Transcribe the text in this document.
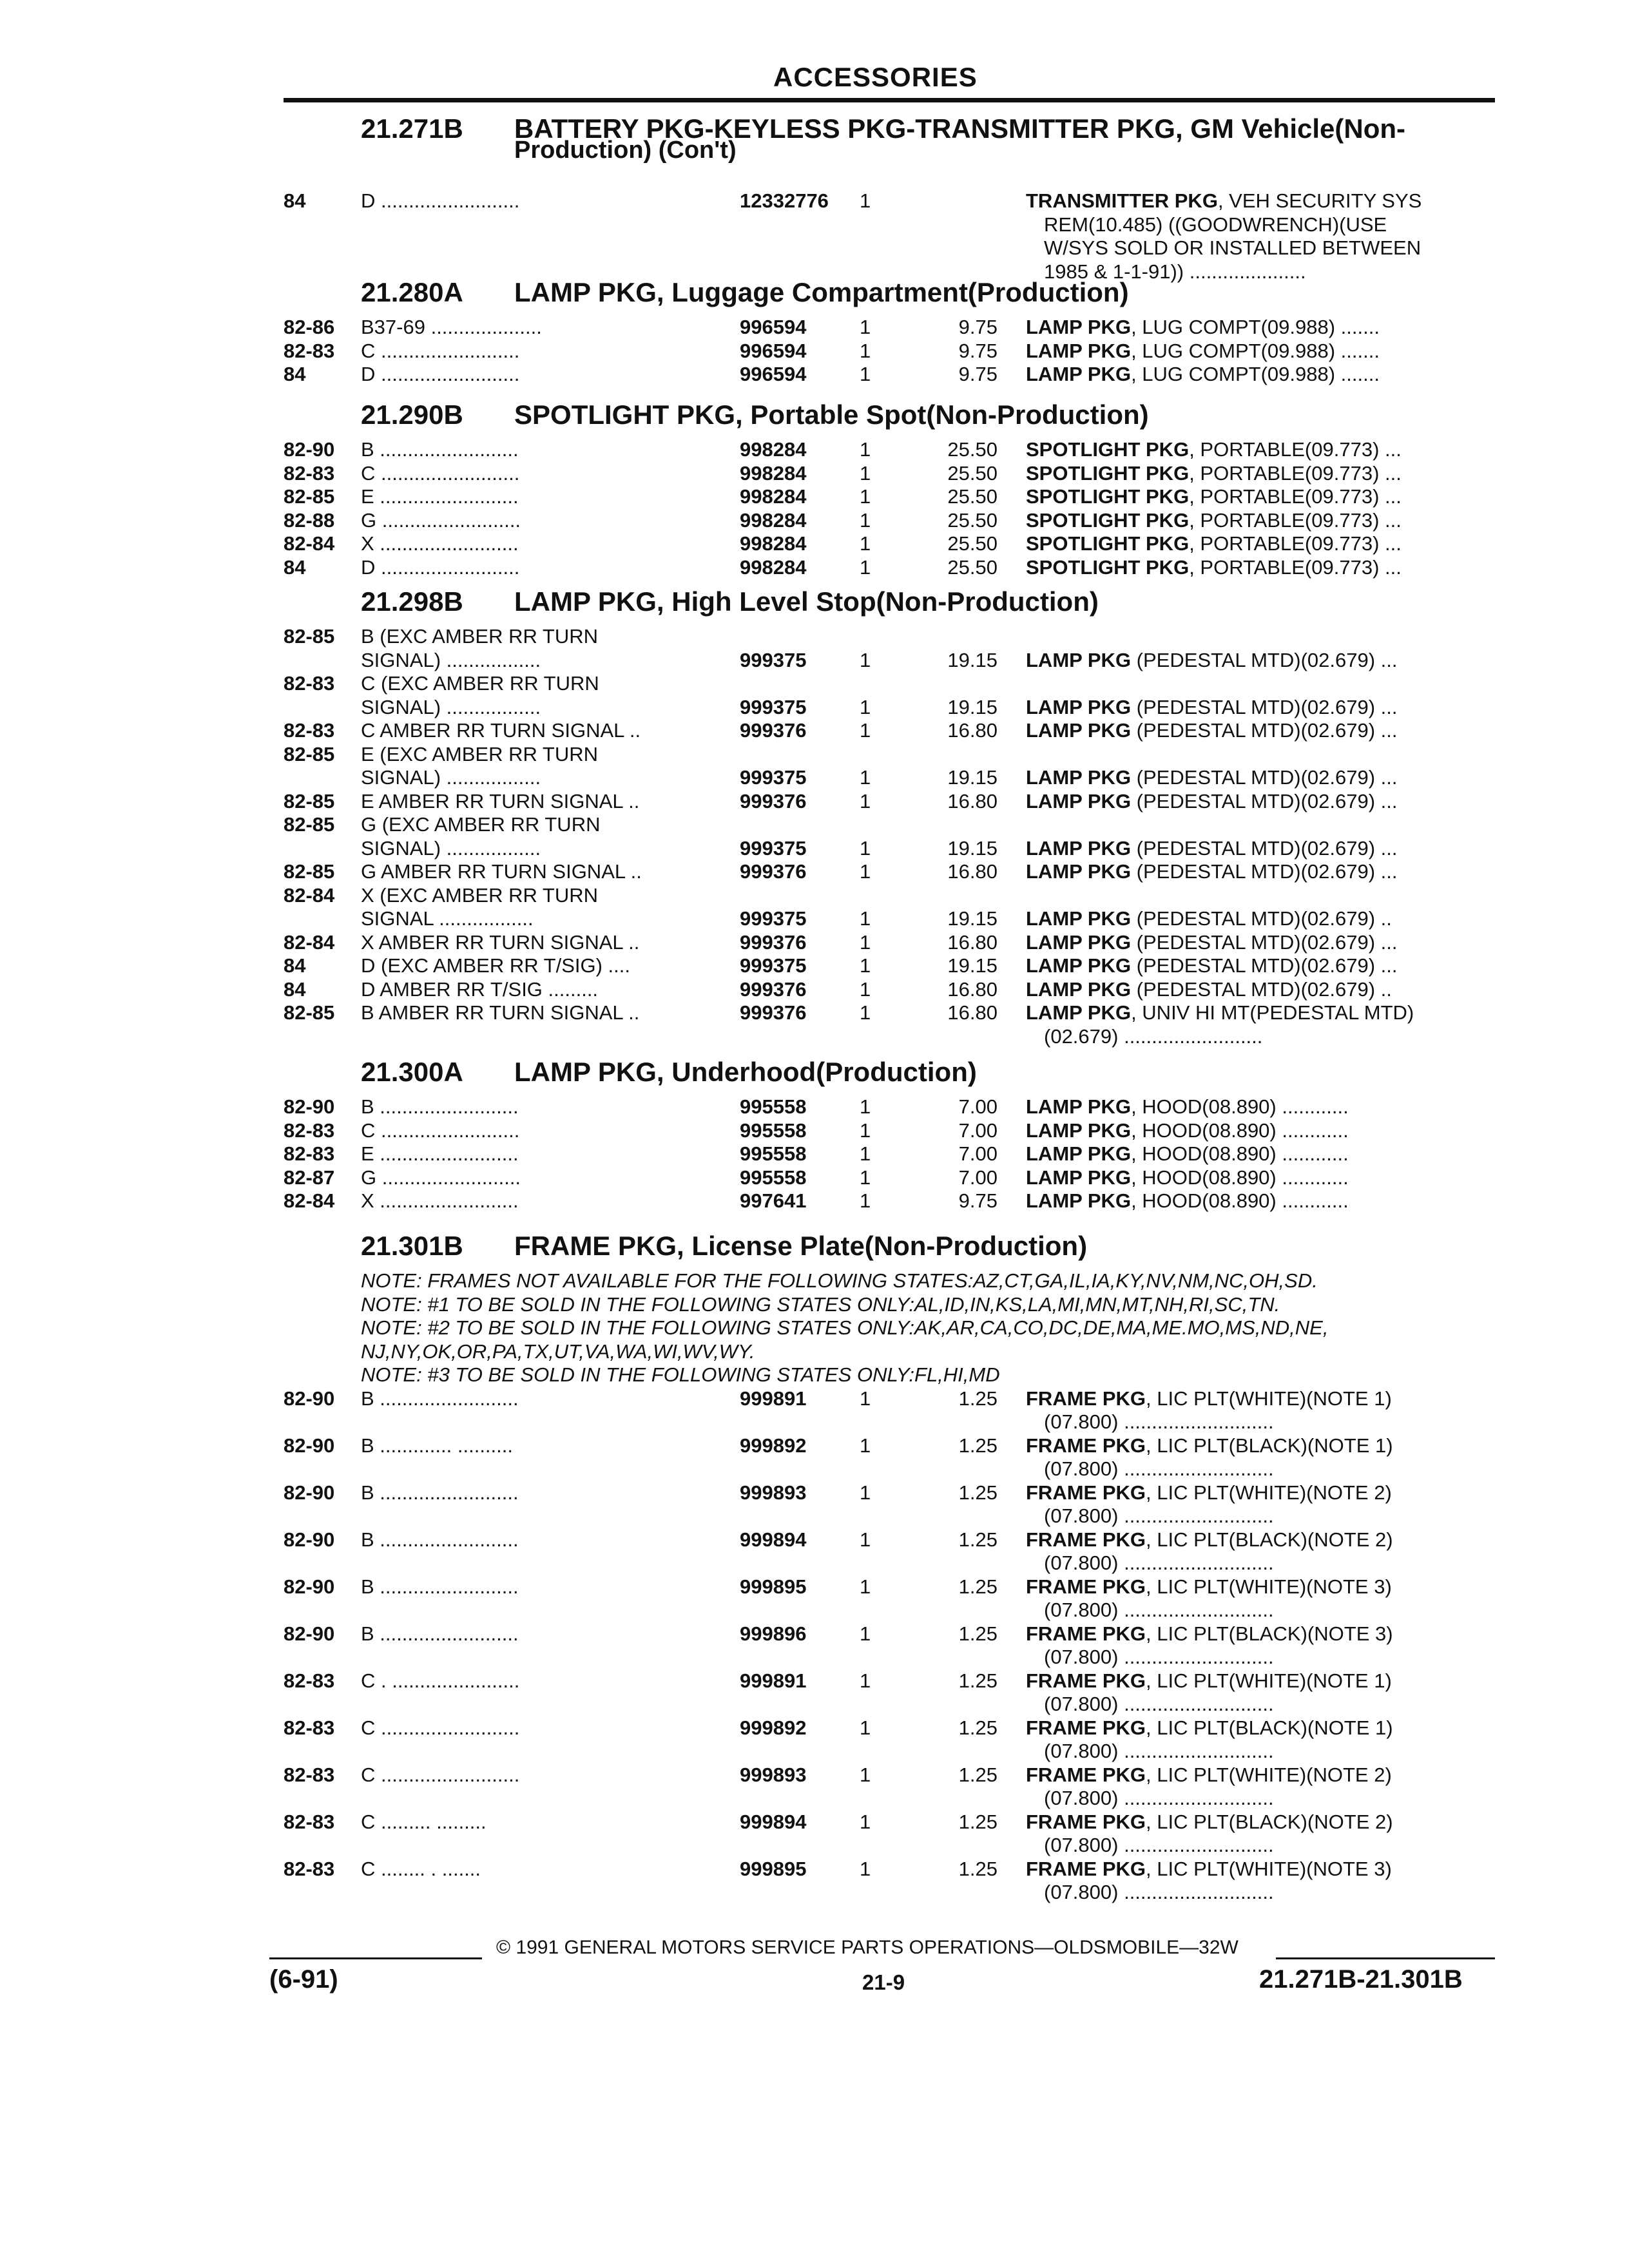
ACCESSORIES
21.271B BATTERY PKG-KEYLESS PKG-TRANSMITTER PKG, GM Vehicle(Non-
Production) (Con't)
84	D .........................	12332776 1	TRANSMITTER PKG, VEH SECURITY SYS
REM(10.485) ((GOODWRENCH)(USE
W/SYS SOLD OR INSTALLED BETWEEN
1985 & 1-1-91)) .....................
21.280A LAMP PKG, Luggage Compartment(Production)
82-86 B37-69 ....................	996594	1	9.75 LAMP PKG, LUG COMPT(09.988) .......
82-83 C .........................	996594	1	9.75 LAMP PKG, LUG COMPT(09.988) .......
84	D .........................	996594	1	9.75 LAMP PKG, LUG COMPT(09.988) .......
21.290B SPOTLIGHT PKG, Portable Spot(Non-Production)
82-90 B .........................	998284	1	25.50 SPOTLIGHT PKG, PORTABLE(09.773) ...
82-83 C .........................	998284	1	25.50 SPOTLIGHT PKG, PORTABLE(09.773) ...
82-85 E .........................	998284	1	25.50 SPOTLIGHT PKG, PORTABLE(09.773) ...
82-88 G .........................	998284	1	25.50 SPOTLIGHT PKG, PORTABLE(09.773) ...
82-84 X .........................	998284	1	25.50 SPOTLIGHT PKG, PORTABLE(09.773) ...
84	D .........................	998284	1	25.50 SPOTLIGHT PKG, PORTABLE(09.773) ...
21.298B LAMP PKG, High Level Stop(Non-Production)
82-85 B (EXC AMBER RR TURN
SIGNAL) .................	999375	1	19.15 LAMP PKG (PEDESTAL MTD)(02.679) ...
82-83 C (EXC AMBER RR TURN
SIGNAL) .................	999375	1	19.15 LAMP PKG (PEDESTAL MTD)(02.679) ...
82-83 C AMBER RR TURN SIGNAL ..	999376	1	16.80 LAMP PKG (PEDESTAL MTD)(02.679) ...
82-85 E (EXC AMBER RR TURN
SIGNAL) .................	999375	1	19.15 LAMP PKG (PEDESTAL MTD)(02.679) ...
82-85 E AMBER RR TURN SIGNAL ..	999376	1	16.80 LAMP PKG (PEDESTAL MTD)(02.679) ...
82-85 G (EXC AMBER RR TURN
SIGNAL) .................	999375	1	19.15 LAMP PKG (PEDESTAL MTD)(02.679) ...
82-85 G AMBER RR TURN SIGNAL ..	999376	1	16.80 LAMP PKG (PEDESTAL MTD)(02.679) ...
82-84 X (EXC AMBER RR TURN
SIGNAL .................	999375	1	19.15 LAMP PKG (PEDESTAL MTD)(02.679) ..
82-84 X AMBER RR TURN SIGNAL ..	999376	1	16.80 LAMP PKG (PEDESTAL MTD)(02.679) ...
84	D (EXC AMBER RR T/SIG) ....	999375	1	19.15 LAMP PKG (PEDESTAL MTD)(02.679) ...
84	D AMBER RR T/SIG .........	999376	1	16.80 LAMP PKG (PEDESTAL MTD)(02.679) ..
82-85 B AMBER RR TURN SIGNAL ..	999376	1	16.80 LAMP PKG, UNIV HI MT(PEDESTAL MTD)
(02.679) .........................
21.300A LAMP PKG, Underhood(Production)
82-90 B .........................	995558	1	7.00 LAMP PKG, HOOD(08.890) ............
82-83 C .........................	995558	1	7.00 LAMP PKG, HOOD(08.890) ............
82-83 E .........................	995558	1	7.00 LAMP PKG, HOOD(08.890) ............
82-87 G .........................	995558	1	7.00 LAMP PKG, HOOD(08.890) ............
82-84 X .........................	997641	1	9.75 LAMP PKG, HOOD(08.890) ............
21.301B FRAME PKG, License Plate(Non-Production)
NOTE: FRAMES NOT AVAILABLE FOR THE FOLLOWING STATES:AZ,CT,GA,IL,IA,KY,NV,NM,NC,OH,SD.
NOTE: #1 TO BE SOLD IN THE FOLLOWING STATES ONLY:AL,ID,IN,KS,LA,MI,MN,MT,NH,RI,SC,TN.
NOTE: #2 TO BE SOLD IN THE FOLLOWING STATES ONLY:AK,AR,CA,CO,DC,DE,MA,ME.MO,MS,ND,NE,
NJ,NY,OK,OR,PA,TX,UT,VA,WA,WI,WV,WY.
NOTE: #3 TO BE SOLD IN THE FOLLOWING STATES ONLY:FL,HI,MD
82-90 B .........................	999891	1	1.25 FRAME PKG, LIC PLT(WHITE)(NOTE 1)
(07.800) ...........................
82-90 B ............. ..........	999892	1	1.25 FRAME PKG, LIC PLT(BLACK)(NOTE 1)
(07.800) ...........................
82-90 B .........................	999893	1	1.25 FRAME PKG, LIC PLT(WHITE)(NOTE 2)
(07.800) ...........................
82-90 B .........................	999894	1	1.25 FRAME PKG, LIC PLT(BLACK)(NOTE 2)
(07.800) ...........................
82-90 B .........................	999895	1	1.25 FRAME PKG, LIC PLT(WHITE)(NOTE 3)
(07.800) ...........................
82-90 B .........................	999896	1	1.25 FRAME PKG, LIC PLT(BLACK)(NOTE 3)
(07.800) ...........................
82-83 C . .......................	999891	1	1.25 FRAME PKG, LIC PLT(WHITE)(NOTE 1)
(07.800) ...........................
82-83 C .........................	999892	1	1.25 FRAME PKG, LIC PLT(BLACK)(NOTE 1)
(07.800) ...........................
82-83 C .........................	999893	1	1.25 FRAME PKG, LIC PLT(WHITE)(NOTE 2)
(07.800) ...........................
82-83 C ......... .........	999894	1	1.25 FRAME PKG, LIC PLT(BLACK)(NOTE 2)
(07.800) ...........................
82-83 C ........ . .......	999895	1	1.25 FRAME PKG, LIC PLT(WHITE)(NOTE 3)
(07.800) ...........................
© 1991 GENERAL MOTORS SERVICE PARTS OPERATIONS—OLDSMOBILE—32W
(6-91)	21-9	21.271B-21.301B
